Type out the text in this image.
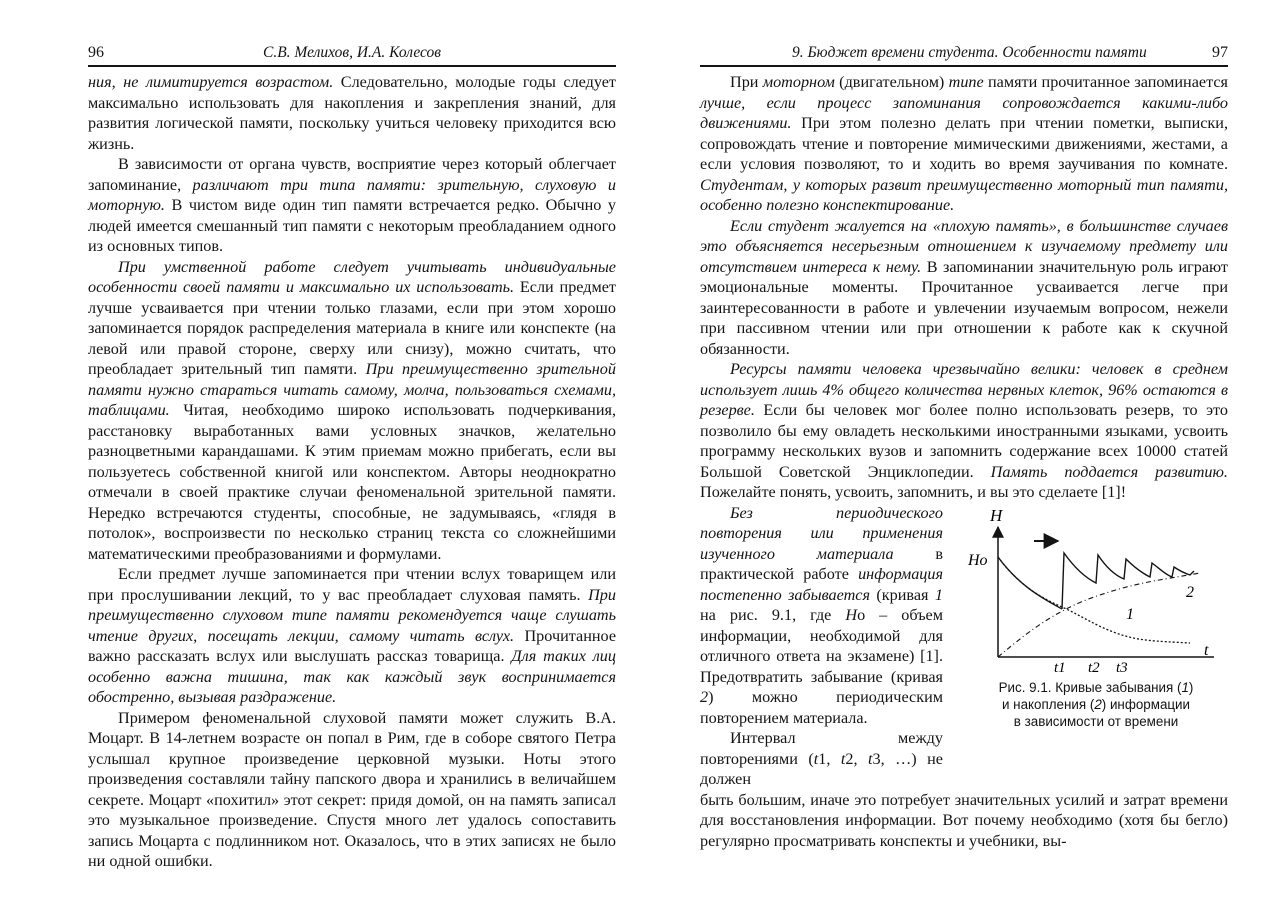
96	С.В. Мелихов, И.А. Колесов

ния, не лимитируется возрастом. Следовательно, молодые годы следует максимально использовать для накопления и закрепления знаний, для развития логической памяти, поскольку учиться человеку приходится всю жизнь.

В зависимости от органа чувств, восприятие через который облегчает запоминание, различают три типа памяти: зрительную, слуховую и моторную. В чистом виде один тип памяти встречается редко. Обычно у людей имеется смешанный тип памяти с некоторым преобладанием одного из основных типов.

При умственной работе следует учитывать индивидуальные особенности своей памяти и максимально их использовать. Если предмет лучше усваивается при чтении только глазами, если при этом хорошо запоминается порядок распределения материала в книге или конспекте (на левой или правой стороне, сверху или снизу), можно считать, что преобладает зрительный тип памяти. При преимущественно зрительной памяти нужно стараться читать самому, молча, пользоваться схемами, таблицами. Читая, необходимо широко использовать подчеркивания, расстановку выработанных вами условных значков, желательно разноцветными карандашами. К этим приемам можно прибегать, если вы пользуетесь собственной книгой или конспектом. Авторы неоднократно отмечали в своей практике случаи феноменальной зрительной памяти. Нередко встречаются студенты, способные, не задумываясь, «глядя в потолок», воспроизвести по несколько страниц текста со сложнейшими математическими преобразованиями и формулами.

Если предмет лучше запоминается при чтении вслух товарищем или при прослушивании лекций, то у вас преобладает слуховая память. При преимущественно слуховом типе памяти рекомендуется чаще слушать чтение других, посещать лекции, самому читать вслух. Прочитанное важно рассказать вслух или выслушать рассказ товарища. Для таких лиц особенно важна тишина, так как каждый звук воспринимается обостренно, вызывая раздражение.

Примером феноменальной слуховой памяти может служить В.А. Моцарт. В 14-летнем возрасте он попал в Рим, где в соборе святого Петра услышал крупное произведение церковной музыки. Ноты этого произведения составляли тайну папского двора и хранились в величайшем секрете. Моцарт «похитил» этот секрет: придя домой, он на память записал это музыкальное произведение. Спустя много лет удалось сопоставить запись Моцарта с подлинником нот. Оказалось, что в этих записях не было ни одной ошибки.

9. Бюджет времени студента. Особенности памяти	97

При моторном (двигательном) типе памяти прочитанное запоминается лучше, если процесс запоминания сопровождается какими-либо движениями. При этом полезно делать при чтении пометки, выписки, сопровождать чтение и повторение мимическими движениями, жестами, а если условия позволяют, то и ходить во время заучивания по комнате. Студентам, у которых развит преимущественно моторный тип памяти, особенно полезно конспектирование.

Если студент жалуется на «плохую память», в большинстве случаев это объясняется несерьезным отношением к изучаемому предмету или отсутствием интереса к нему. В запоминании значительную роль играют эмоциональные моменты. Прочитанное усваивается легче при заинтересованности в работе и увлечении изучаемым вопросом, нежели при пассивном чтении или при отношении к работе как к скучной обязанности.

Ресурсы памяти человека чрезвычайно велики: человек в среднем использует лишь 4% общего количества нервных клеток, 96% остаются в резерве. Если бы человек мог более полно использовать резерв, то это позволило бы ему овладеть несколькими иностранными языками, усвоить программу нескольких вузов и запомнить содержание всех 10000 статей Большой Советской Энциклопедии. Память поддается развитию. Пожелайте понять, усвоить, запомнить, и вы это сделаете [1]!

Без периодического повторения или применения изученного материала в практической работе информация постепенно забывается (кривая 1 на рис. 9.1, где Hо – объем информации, необходимой для отличного ответа на экзамене) [1]. Предотвратить забывание (кривая 2) можно периодическим повторением материала.

Интервал между повторениями (t1, t2, t3, …) не должен

H
Hо
t
2
1
t1 t2 t3
Рис. 9.1. Кривые забывания (1)
и накопления (2) информации
в зависимости от времени

быть большим, иначе это потребует значительных усилий и затрат времени для восстановления информации. Вот почему необходимо (хотя бы бегло) регулярно просматривать конспекты и учебники, вы-
